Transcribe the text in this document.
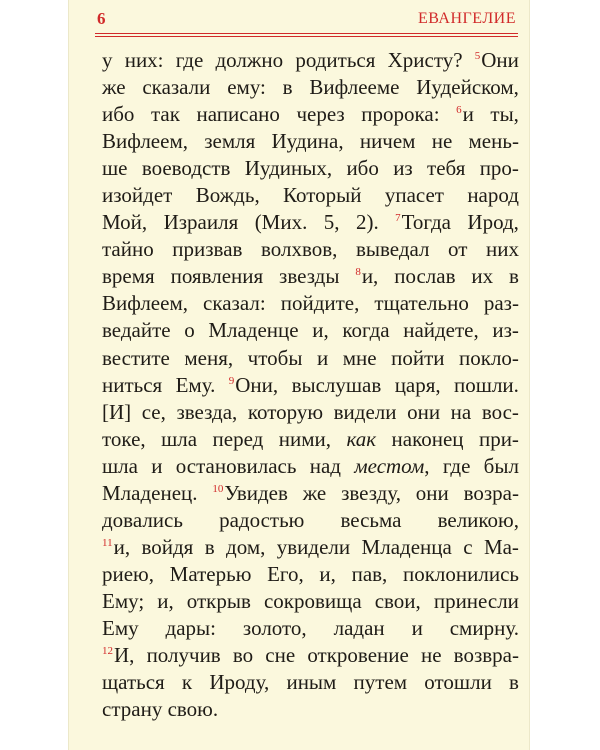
6	ЕВАНГЕЛИЕ
у них: где должно родиться Христу? $^5$Они
же сказали ему: в Вифлееме Иудейском,
ибо так написано через пророка: $^6$и ты,
Вифлеем, земля Иудина, ничем не мень-
ше воеводств Иудиных, ибо из тебя про-
изойдет Вождь, Который упасет народ
Мой, Израиля (Мих. 5, 2). $^7$Тогда Ирод,
тайно призвав волхвов, выведал от них
время появления звезды $^8$и, послав их в
Вифлеем, сказал: пойдите, тщательно раз-
ведайте о Младенце и, когда найдете, из-
вестите меня, чтобы и мне пойти покло-
ниться Ему. $^9$Они, выслушав царя, пошли.
[И] се, звезда, которую видели они на вос-
токе, шла перед ними, как наконец при-
шла и остановилась над местом, где был
Младенец. $^{10}$Увидев же звезду, они возра-
довались радостью весьма великою,
$^{11}$и, войдя в дом, увидели Младенца с Ма-
риею, Матерью Его, и, пав, поклонились
Ему; и, открыв сокровища свои, принесли
Ему дары: золото, ладан и смирну.
$^{12}$И, получив во сне откровение не возвра-
щаться к Ироду, иным путем отошли в
страну свою.
